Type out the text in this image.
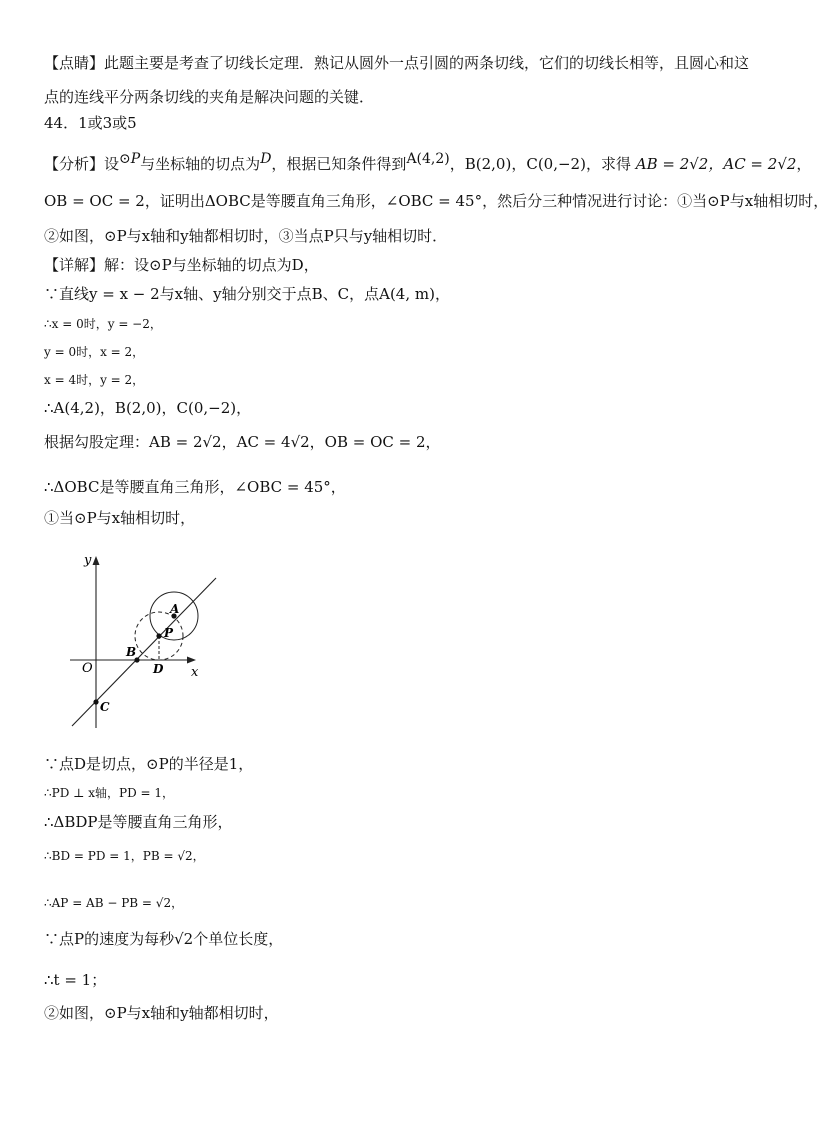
【点睛】此题主要是考查了切线长定理．熟记从圆外一点引圆的两条切线，它们的切线长相等，且圆心和这点的连线平分两条切线的夹角是解决问题的关键．
44．1或3或5
【分析】设⊙P与坐标轴的切点为D，根据已知条件得到A(4,2)，B(2,0)，C(0,−2)，求得 AB = 2√2，AC = 2√2，
OB = OC = 2，证明出ΔOBC是等腰直角三角形，∠OBC = 45°，然后分三种情况进行讨论：①当⊙P与x轴相切时，
②如图，⊙P与x轴和y轴都相切时，③当点P只与y轴相切时．
【详解】解：设⊙P与坐标轴的切点为D，
∵直线y = x − 2与x轴、y轴分别交于点B、C，点A(4, m)，
∴x = 0时，y = −2，
y = 0时，x = 2，
x = 4时，y = 2，
∴A(4,2)，B(2,0)，C(0,−2)，
根据勾股定理：AB = 2√2，AC = 4√2，OB = OC = 2，
∴ΔOBC是等腰直角三角形，∠OBC = 45°，
①当⊙P与x轴相切时，
y
x
O
A
P
B
D
C
∵点D是切点，⊙P的半径是1，
∴PD ⊥ x轴，PD = 1，
∴ΔBDP是等腰直角三角形，
∴BD = PD = 1，PB = √2，
∴AP = AB − PB = √2，
∵点P的速度为每秒√2个单位长度，
∴t = 1；
②如图，⊙P与x轴和y轴都相切时，
